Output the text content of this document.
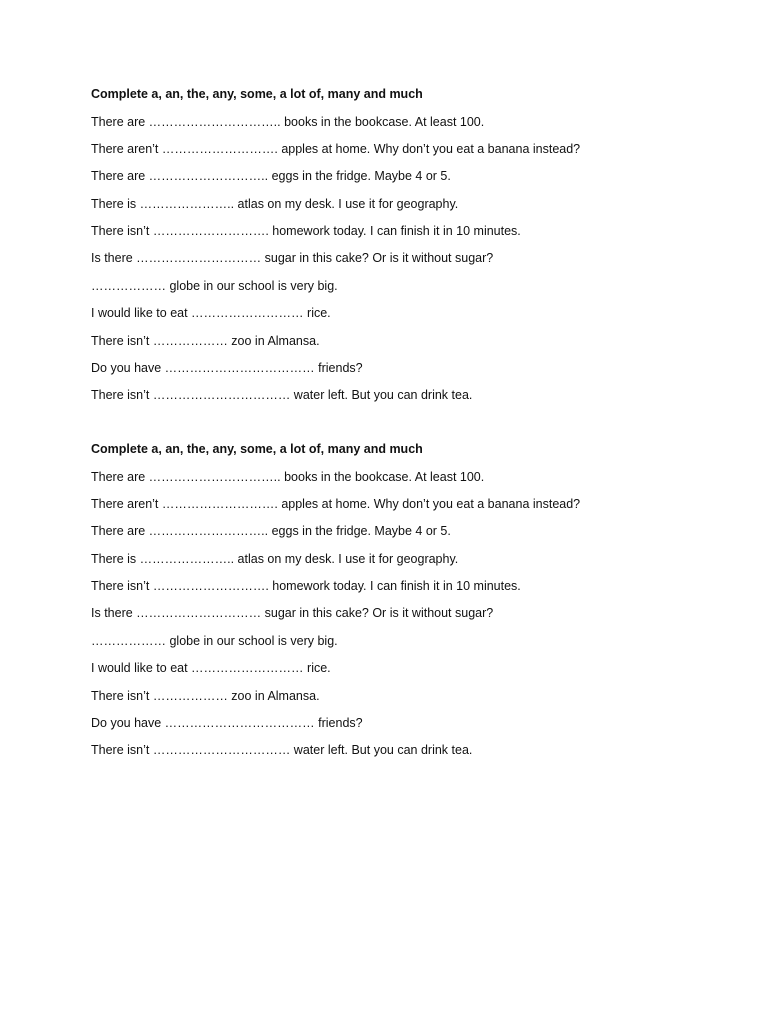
Complete a, an, the, any, some, a lot of, many and much
There are ………………………….. books in the bookcase. At least 100.
There aren’t ………………………. apples at home. Why don’t you eat a banana instead?
There are ……………………….. eggs in the fridge. Maybe 4 or 5.
There is ………………….. atlas on my desk. I use it for geography.
There isn’t ………………………. homework today. I can finish it in 10 minutes.
Is there ………………………… sugar in this cake? Or is it without sugar?
……………… globe in our school is very big.
I would like to eat ……………………… rice.
There isn’t ……………… zoo in Almansa.
Do you have ……………………………… friends?
There isn’t …………………………… water left. But you can drink tea.
Complete a, an, the, any, some, a lot of, many and much
There are ………………………….. books in the bookcase. At least 100.
There aren’t ………………………. apples at home. Why don’t you eat a banana instead?
There are ……………………….. eggs in the fridge. Maybe 4 or 5.
There is ………………….. atlas on my desk. I use it for geography.
There isn’t ………………………. homework today. I can finish it in 10 minutes.
Is there ………………………… sugar in this cake? Or is it without sugar?
……………… globe in our school is very big.
I would like to eat ……………………… rice.
There isn’t ……………… zoo in Almansa.
Do you have ……………………………… friends?
There isn’t …………………………… water left. But you can drink tea.
